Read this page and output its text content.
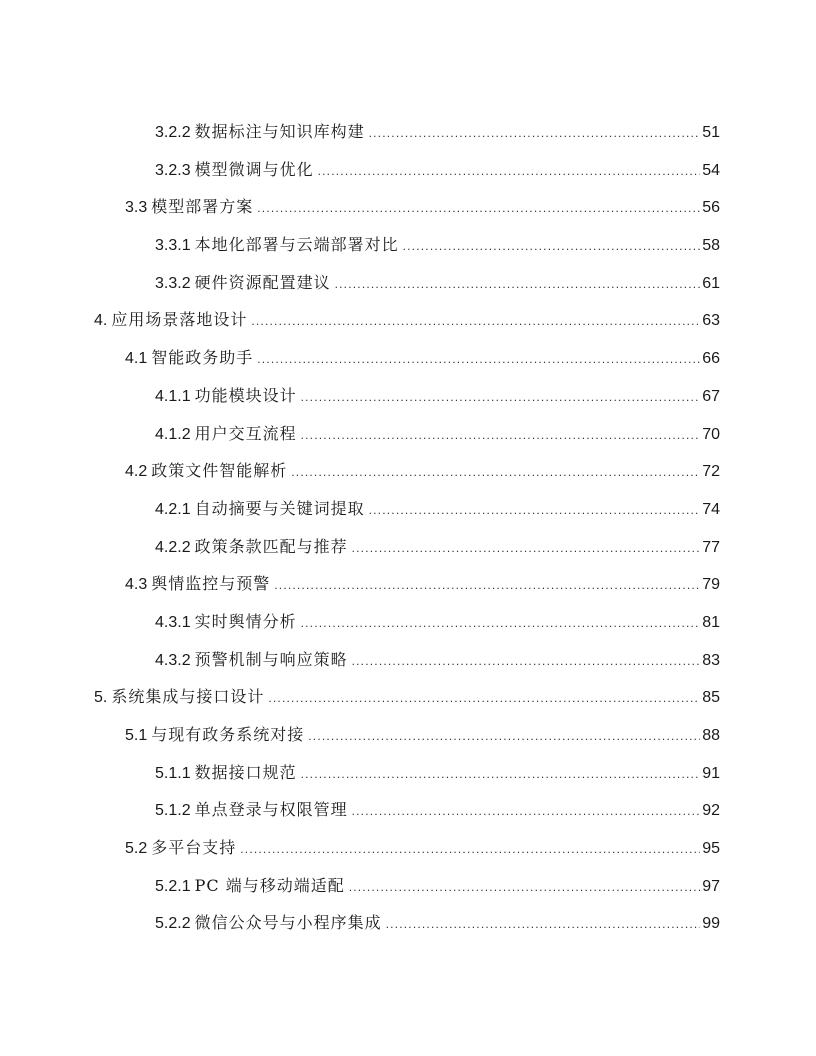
3.2.2 数据标注与知识库构建 .....	51
3.2.3 模型微调与优化 .....	54
3.3 模型部署方案 .....	56
3.3.1 本地化部署与云端部署对比 .....	58
3.3.2 硬件资源配置建议 .....	61
4. 应用场景落地设计 .....	63
4.1 智能政务助手 .....	66
4.1.1 功能模块设计 .....	67
4.1.2 用户交互流程 .....	70
4.2 政策文件智能解析 .....	72
4.2.1 自动摘要与关键词提取 .....	74
4.2.2 政策条款匹配与推荐 .....	77
4.3 舆情监控与预警 .....	79
4.3.1 实时舆情分析 .....	81
4.3.2 预警机制与响应策略 .....	83
5. 系统集成与接口设计 .....	85
5.1 与现有政务系统对接 .....	88
5.1.1 数据接口规范 .....	91
5.1.2 单点登录与权限管理 .....	92
5.2 多平台支持 .....	95
5.2.1 PC 端与移动端适配 .....	97
5.2.2 微信公众号与小程序集成 .....	99
